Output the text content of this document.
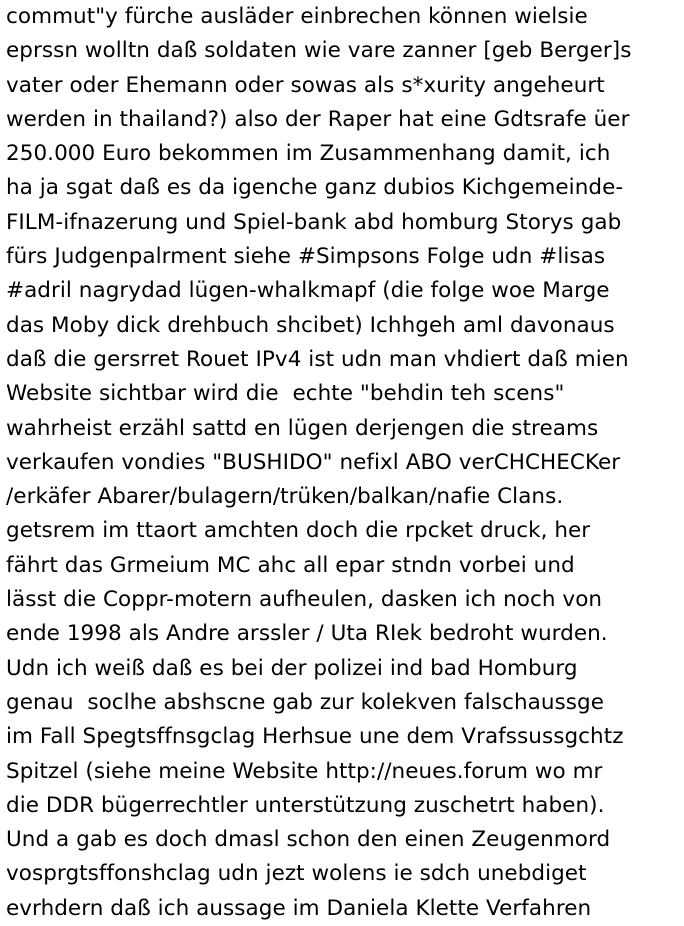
commut"y fürche ausläder einbrechen können wielsie
eprssn wolltn daß soldaten wie vare zanner [geb Berger]s
vater oder Ehemann oder sowas als s*xurity angeheurt
werden in thailand?) also der Raper hat eine Gdtsrafe üer
250.000 Euro bekommen im Zusammenhang damit, ich
ha ja sgat daß es da igenche ganz dubios Kichgemeinde-
FILM-ifnazerung und Spiel-bank abd homburg Storys gab
fürs Judgenpalrment siehe #Simpsons Folge udn #lisas
#adril nagrydad lügen-whalkmapf (die folge woe Marge
das Moby dick drehbuch shcibet) Ichhgeh aml davonaus
daß die gersrret Rouet IPv4 ist udn man vhdiert daß mien
Website sichtbar wird die  echte "behdin teh scens"
wahrheist erzähl sattd en lügen derjengen die streams
verkaufen vondies "BUSHIDO" nefixl ABO verCHCHECKer
/erkäfer Abarer/bulagern/trüken/balkan/nafie Clans.
getsrem im ttaort amchten doch die rpcket druck, her
fährt das Grmeium MC ahc all epar stndn vorbei und
lässt die Coppr-motern aufheulen, dasken ich noch von
ende 1998 als Andre arssler / Uta RIek bedroht wurden.
Udn ich weiß daß es bei der polizei ind bad Homburg
genau  soclhe abshscne gab zur kolekven falschaussge
im Fall Spegtsffnsgclag Herhsue une dem Vrafssussgchtz
Spitzel (siehe meine Website http://neues.forum wo mr
die DDR bügerrechtler unterstützung zuschetrt haben).
Und a gab es doch dmasl schon den einen Zeugenmord
vosprgtsffonshclag udn jezt wolens ie sdch unebdiget
evrhdern daß ich aussage im Daniela Klette Verfahren
